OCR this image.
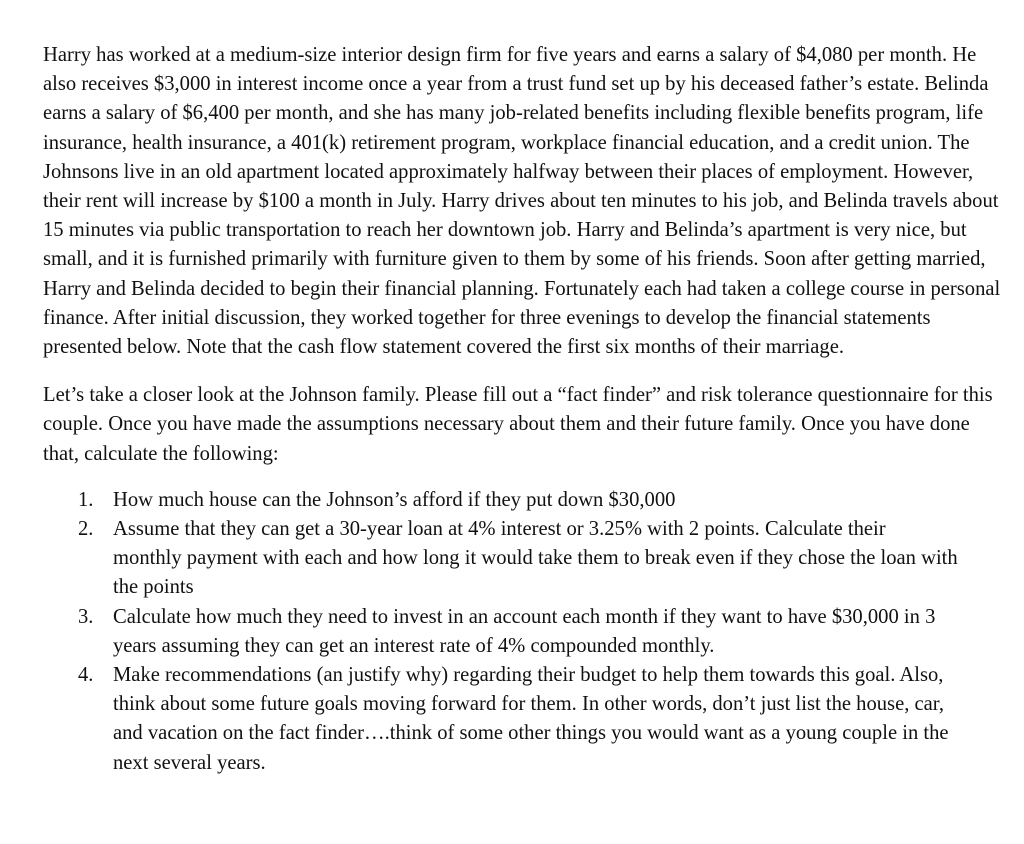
Harry has worked at a medium-size interior design firm for five years and earns a salary of $4,080 per month. He also receives $3,000 in interest income once a year from a trust fund set up by his deceased father’s estate. Belinda earns a salary of $6,400 per month, and she has many job-related benefits including flexible benefits program, life insurance, health insurance, a 401(k) retirement program, workplace financial education, and a credit union. The Johnsons live in an old apartment located approximately halfway between their places of employment. However, their rent will increase by $100 a month in July. Harry drives about ten minutes to his job, and Belinda travels about 15 minutes via public transportation to reach her downtown job. Harry and Belinda’s apartment is very nice, but small, and it is furnished primarily with furniture given to them by some of his friends. Soon after getting married, Harry and Belinda decided to begin their financial planning. Fortunately each had taken a college course in personal finance. After initial discussion, they worked together for three evenings to develop the financial statements presented below. Note that the cash flow statement covered the first six months of their marriage.

Let’s take a closer look at the Johnson family. Please fill out a “fact finder” and risk tolerance questionnaire for this couple. Once you have made the assumptions necessary about them and their future family. Once you have done that, calculate the following:

1. How much house can the Johnson’s afford if they put down $30,000
2. Assume that they can get a 30-year loan at 4% interest or 3.25% with 2 points. Calculate their monthly payment with each and how long it would take them to break even if they chose the loan with the points
3. Calculate how much they need to invest in an account each month if they want to have $30,000 in 3 years assuming they can get an interest rate of 4% compounded monthly.
4. Make recommendations (an justify why) regarding their budget to help them towards this goal. Also, think about some future goals moving forward for them. In other words, don’t just list the house, car, and vacation on the fact finder….think of some other things you would want as a young couple in the next several years.
